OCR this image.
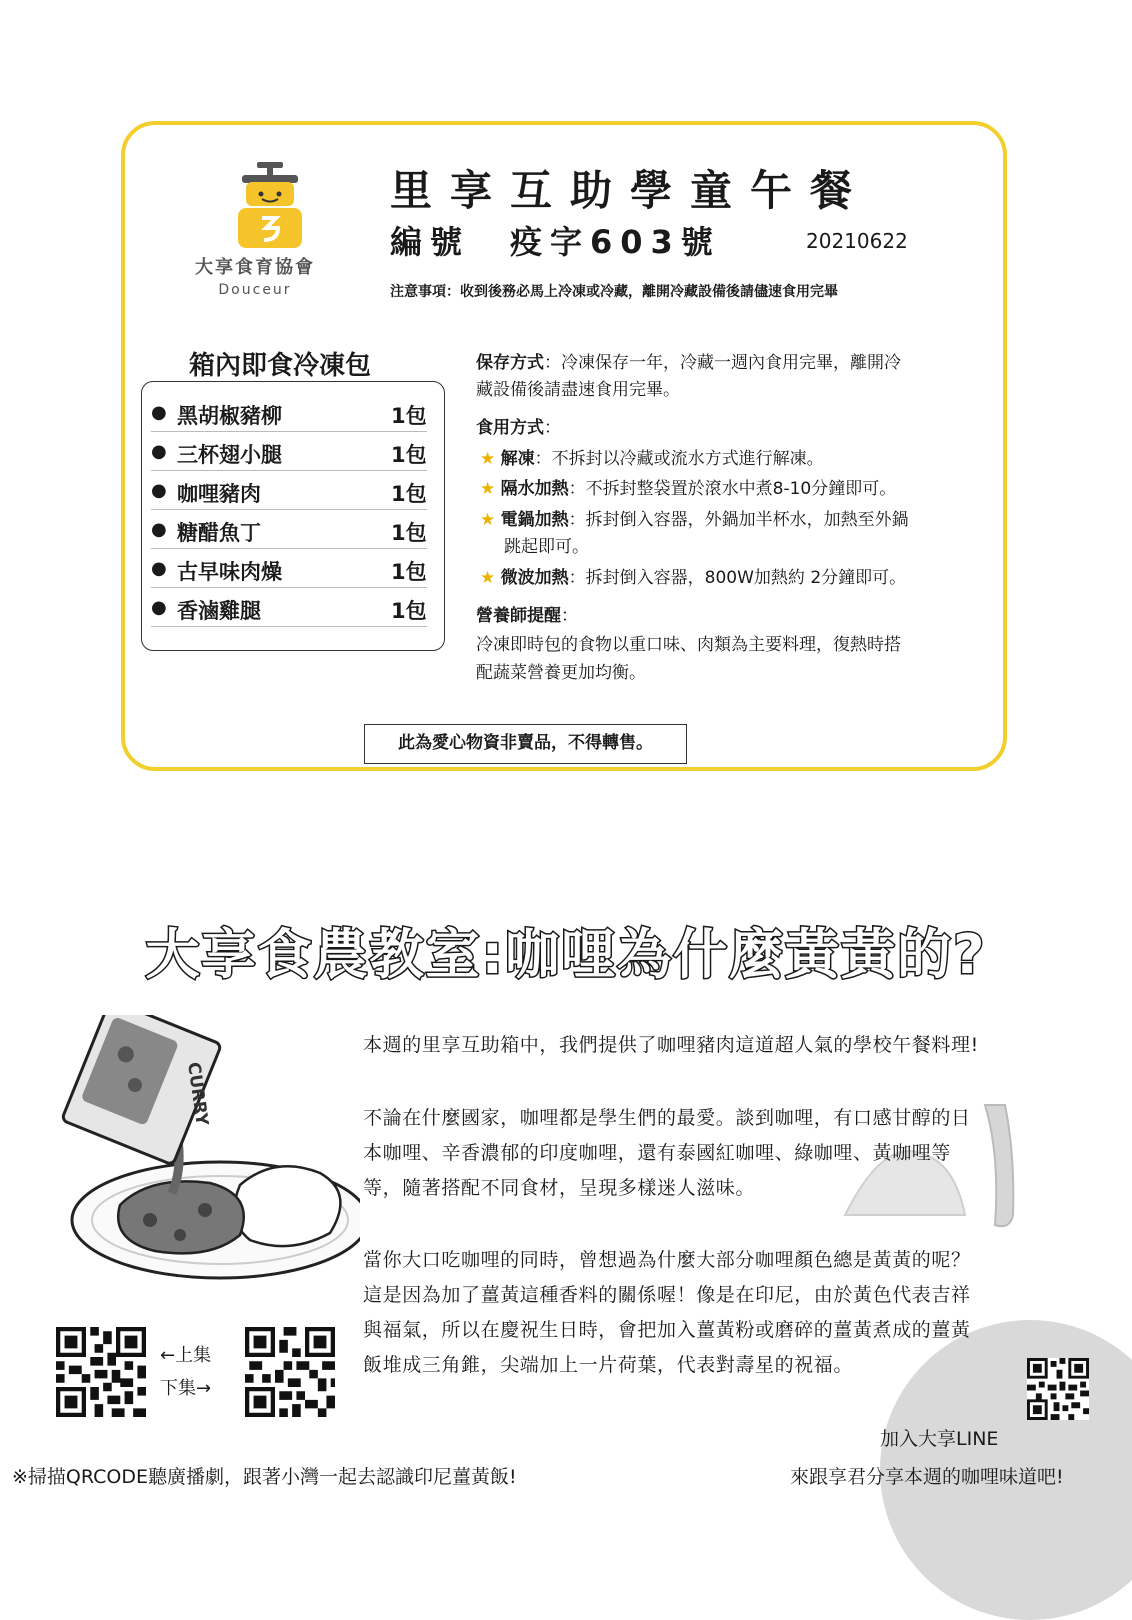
大享食育協會
Douceur
里享互助學童午餐
編號　疫字603號	20210622
注意事項：收到後務必馬上冷凍或冷藏，離開冷藏設備後請儘速食用完畢
箱內即食冷凍包
● 黑胡椒豬柳	1包
● 三杯翅小腿	1包
● 咖哩豬肉	1包
● 糖醋魚丁	1包
● 古早味肉燥	1包
● 香滷雞腿	1包
保存方式：冷凍保存一年，冷藏一週內食用完畢，離開冷
藏設備後請盡速食用完畢。
食用方式：
★ 解凍：不拆封以冷藏或流水方式進行解凍。
★ 隔水加熱：不拆封整袋置於滾水中煮8-10分鐘即可。
★ 電鍋加熱：拆封倒入容器，外鍋加半杯水，加熱至外鍋
跳起即可。
★ 微波加熱：拆封倒入容器，800W加熱約 2分鐘即可。
營養師提醒：
冷凍即時包的食物以重口味、肉類為主要料理，復熱時搭
配蔬菜營養更加均衡。
此為愛心物資非賣品，不得轉售。
大享食農教室:咖哩為什麼黃黃的?
CURRY
本週的里享互助箱中，我們提供了咖哩豬肉這道超人氣的學校午餐料理!
不論在什麼國家，咖哩都是學生們的最愛。談到咖哩，有口感甘醇的日
本咖哩、辛香濃郁的印度咖哩，還有泰國紅咖哩、綠咖哩、黃咖哩等
等，隨著搭配不同食材，呈現多樣迷人滋味。
當你大口吃咖哩的同時，曾想過為什麼大部分咖哩顏色總是黃黃的呢？
這是因為加了薑黃這種香料的關係喔！像是在印尼，由於黃色代表吉祥
與福氣，所以在慶祝生日時，會把加入薑黃粉或磨碎的薑黃煮成的薑黃
飯堆成三角錐，尖端加上一片荷葉，代表對壽星的祝福。
←上集
下集→
※掃描QRCODE聽廣播劇，跟著小灣一起去認識印尼薑黃飯!
加入大享LINE
來跟享君分享本週的咖哩味道吧!
